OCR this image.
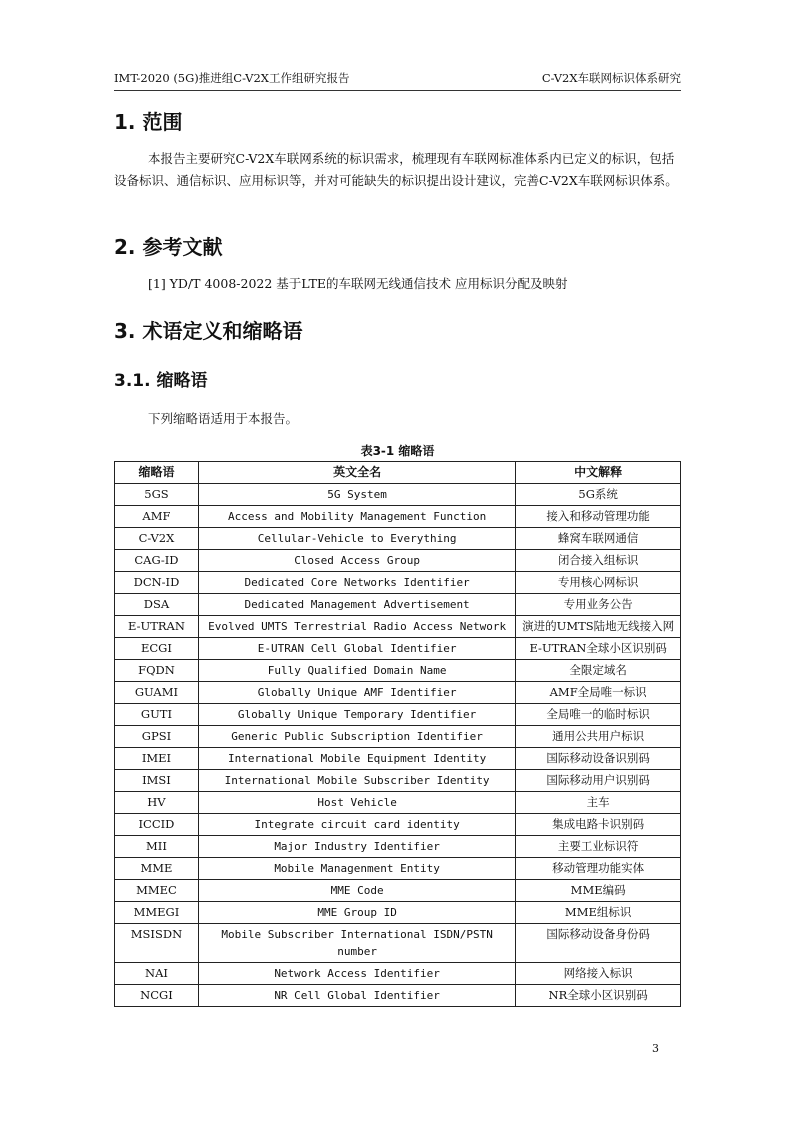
IMT-2020 (5G)推进组C-V2X工作组研究报告	C-V2X车联网标识体系研究
1. 范围
本报告主要研究C-V2X车联网系统的标识需求，梳理现有车联网标准体系内已定义的标识，包括设备标识、通信标识、应用标识等，并对可能缺失的标识提出设计建议，完善C-V2X车联网标识体系。
2. 参考文献
[1] YD/T 4008-2022 基于LTE的车联网无线通信技术 应用标识分配及映射
3. 术语定义和缩略语
3.1. 缩略语
下列缩略语适用于本报告。
表3-1 缩略语
缩略语	英文全名	中文解释
5GS	5G System	5G系统
AMF	Access and Mobility Management Function	接入和移动管理功能
C-V2X	Cellular-Vehicle to Everything	蜂窝车联网通信
CAG-ID	Closed Access Group	闭合接入组标识
DCN-ID	Dedicated Core Networks Identifier	专用核心网标识
DSA	Dedicated Management Advertisement	专用业务公告
E-UTRAN	Evolved UMTS Terrestrial Radio Access Network	演进的UMTS陆地无线接入网
ECGI	E-UTRAN Cell Global Identifier	E-UTRAN全球小区识别码
FQDN	Fully Qualified Domain Name	全限定域名
GUAMI	Globally Unique AMF Identifier	AMF全局唯一标识
GUTI	Globally Unique Temporary Identifier	全局唯一的临时标识
GPSI	Generic Public Subscription Identifier	通用公共用户标识
IMEI	International Mobile Equipment Identity	国际移动设备识别码
IMSI	International Mobile Subscriber Identity	国际移动用户识别码
HV	Host Vehicle	主车
ICCID	Integrate circuit card identity	集成电路卡识别码
MII	Major Industry Identifier	主要工业标识符
MME	Mobile Managenment Entity	移动管理功能实体
MMEC	MME Code	MME编码
MMEGI	MME Group ID	MME组标识
MSISDN	Mobile Subscriber International ISDN/PSTN number	国际移动设备身份码
NAI	Network Access Identifier	网络接入标识
NCGI	NR Cell Global Identifier	NR全球小区识别码
3
